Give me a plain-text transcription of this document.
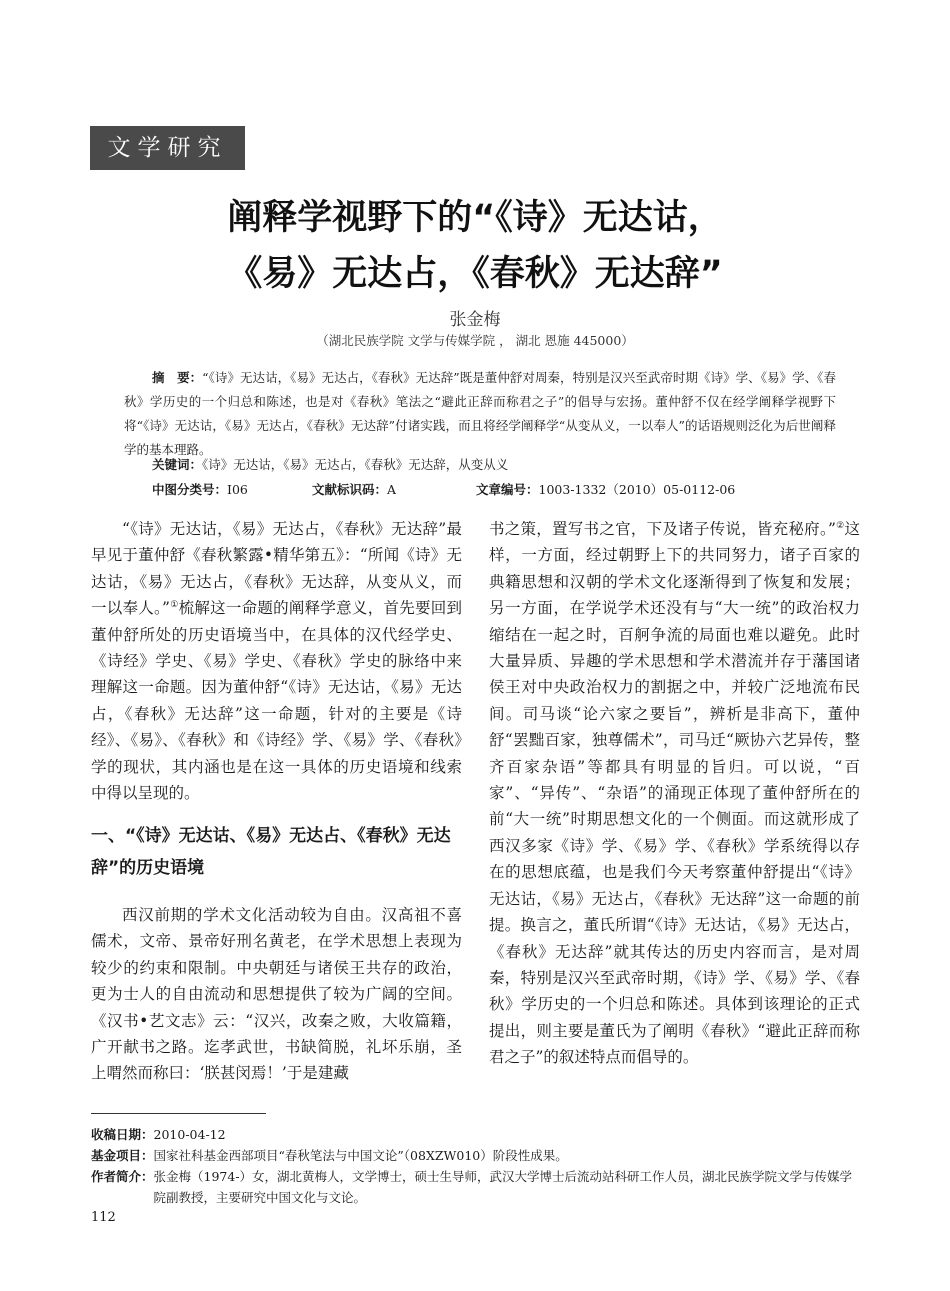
文学研究
阐释学视野下的“《诗》无达诂，
《易》无达占，《春秋》无达辞”
张金梅
（湖北民族学院 文学与传媒学院 ， 湖北 恩施 445000）
摘　要：“《诗》无达诂，《易》无达占，《春秋》无达辞”既是董仲舒对周秦，特别是汉兴至武帝时期《诗》学、《易》学、《春秋》学历史的一个归总和陈述，也是对《春秋》笔法之“避此正辞而称君之子”的倡导与宏扬。董仲舒不仅在经学阐释学视野下将“《诗》无达诂，《易》无达占，《春秋》无达辞”付诸实践，而且将经学阐释学“从变从义，一以奉人”的话语规则泛化为后世阐释学的基本理路。
关键词：《诗》无达诂，《易》无达占，《春秋》无达辞，从变从义
中图分类号：I06	文献标识码：A	文章编号：1003-1332（2010）05-0112-06

“《诗》无达诂，《易》无达占，《春秋》无达辞”最早见于董仲舒《春秋繁露•精华第五》：“所闻《诗》无达诂，《易》无达占，《春秋》无达辞，从变从义，而一以奉人。”①梳解这一命题的阐释学意义，首先要回到董仲舒所处的历史语境当中，在具体的汉代经学史、《诗经》学史、《易》学史、《春秋》学史的脉络中来理解这一命题。因为董仲舒“《诗》无达诂，《易》无达占，《春秋》无达辞”这一命题，针对的主要是《诗经》、《易》、《春秋》和《诗经》学、《易》学、《春秋》学的现状，其内涵也是在这一具体的历史语境和线索中得以呈现的。

一、“《诗》无达诂、《易》无达占、《春秋》无达辞”的历史语境

西汉前期的学术文化活动较为自由。汉高祖不喜儒术，文帝、景帝好刑名黄老，在学术思想上表现为较少的约束和限制。中央朝廷与诸侯王共存的政治，更为士人的自由流动和思想提供了较为广阔的空间。《汉书•艺文志》云：“汉兴，改秦之败，大收篇籍，广开献书之路。迄孝武世，书缺简脱，礼坏乐崩，圣上喟然而称曰：‘朕甚闵焉！’于是建藏

书之策，置写书之官，下及诸子传说，皆充秘府。”②这样，一方面，经过朝野上下的共同努力，诸子百家的典籍思想和汉朝的学术文化逐渐得到了恢复和发展；另一方面，在学说学术还没有与“大一统”的政治权力缩结在一起之时，百舸争流的局面也难以避免。此时大量异质、异趣的学术思想和学术潜流并存于藩国诸侯王对中央政治权力的割据之中，并较广泛地流布民间。司马谈“论六家之要旨”，辨析是非高下，董仲舒“罢黜百家，独尊儒术”，司马迁“厥协六艺异传，整齐百家杂语”等都具有明显的旨归。可以说，“百家”、“异传”、“杂语”的涌现正体现了董仲舒所在的前“大一统”时期思想文化的一个侧面。而这就形成了西汉多家《诗》学、《易》学、《春秋》学系统得以存在的思想底蕴，也是我们今天考察董仲舒提出“《诗》无达诂，《易》无达占，《春秋》无达辞”这一命题的前提。换言之，董氏所谓“《诗》无达诂，《易》无达占，《春秋》无达辞”就其传达的历史内容而言，是对周秦，特别是汉兴至武帝时期，《诗》学、《易》学、《春秋》学历史的一个归总和陈述。具体到该理论的正式提出，则主要是董氏为了阐明《春秋》“避此正辞而称君之子”的叙述特点而倡导的。

收稿日期： 2010-04-12
基金项目： 国家社科基金西部项目“春秋笔法与中国文论”（08XZW010）阶段性成果。
作者简介： 张金梅（1974-）女，湖北黄梅人，文学博士，硕士生导师，武汉大学博士后流动站科研工作人员，湖北民族学院文学与传媒学院副教授，主要研究中国文化与文论。
112
